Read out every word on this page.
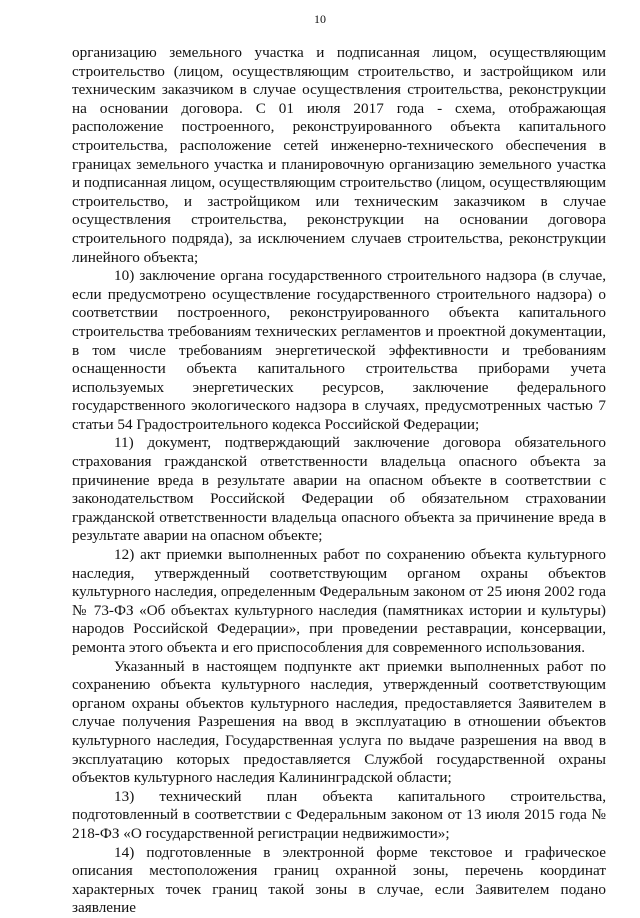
10

организацию земельного участка и подписанная лицом, осуществляющим строительство (лицом, осуществляющим строительство, и застройщиком или техническим заказчиком в случае осуществления строительства, реконструкции на основании договора. С 01 июля 2017 года - схема, отображающая расположение построенного, реконструированного объекта капитального строительства, расположение сетей инженерно-технического обеспечения в границах земельного участка и планировочную организацию земельного участка и подписанная лицом, осуществляющим строительство (лицом, осуществляющим строительство, и застройщиком или техническим заказчиком в случае осуществления строительства, реконструкции на основании договора строительного подряда), за исключением случаев строительства, реконструкции линейного объекта;

10) заключение органа государственного строительного надзора (в случае, если предусмотрено осуществление государственного строительного надзора) о соответствии построенного, реконструированного объекта капитального строительства требованиям технических регламентов и проектной документации, в том числе требованиям энергетической эффективности и требованиям оснащенности объекта капитального строительства приборами учета используемых энергетических ресурсов, заключение федерального государственного экологического надзора в случаях, предусмотренных частью 7 статьи 54 Градостроительного кодекса Российской Федерации;

11) документ, подтверждающий заключение договора обязательного страхования гражданской ответственности владельца опасного объекта за причинение вреда в результате аварии на опасном объекте в соответствии с законодательством Российской Федерации об обязательном страховании гражданской ответственности владельца опасного объекта за причинение вреда в результате аварии на опасном объекте;

12) акт приемки выполненных работ по сохранению объекта культурного наследия, утвержденный соответствующим органом охраны объектов культурного наследия, определенным Федеральным законом от 25 июня 2002 года № 73-ФЗ «Об объектах культурного наследия (памятниках истории и культуры) народов Российской Федерации», при проведении реставрации, консервации, ремонта этого объекта и его приспособления для современного использования.

Указанный в настоящем подпункте акт приемки выполненных работ по сохранению объекта культурного наследия, утвержденный соответствующим органом охраны объектов культурного наследия, предоставляется Заявителем в случае получения Разрешения на ввод в эксплуатацию в отношении объектов культурного наследия, Государственная услуга по выдаче разрешения на ввод в эксплуатацию которых предоставляется Службой государственной охраны объектов культурного наследия Калининградской области;

13) технический план объекта капитального строительства, подготовленный в соответствии с Федеральным законом от 13 июля 2015 года № 218-ФЗ «О государственной регистрации недвижимости»;

14) подготовленные в электронной форме текстовое и графическое описания местоположения границ охранной зоны, перечень координат характерных точек границ такой зоны в случае, если Заявителем подано заявление
